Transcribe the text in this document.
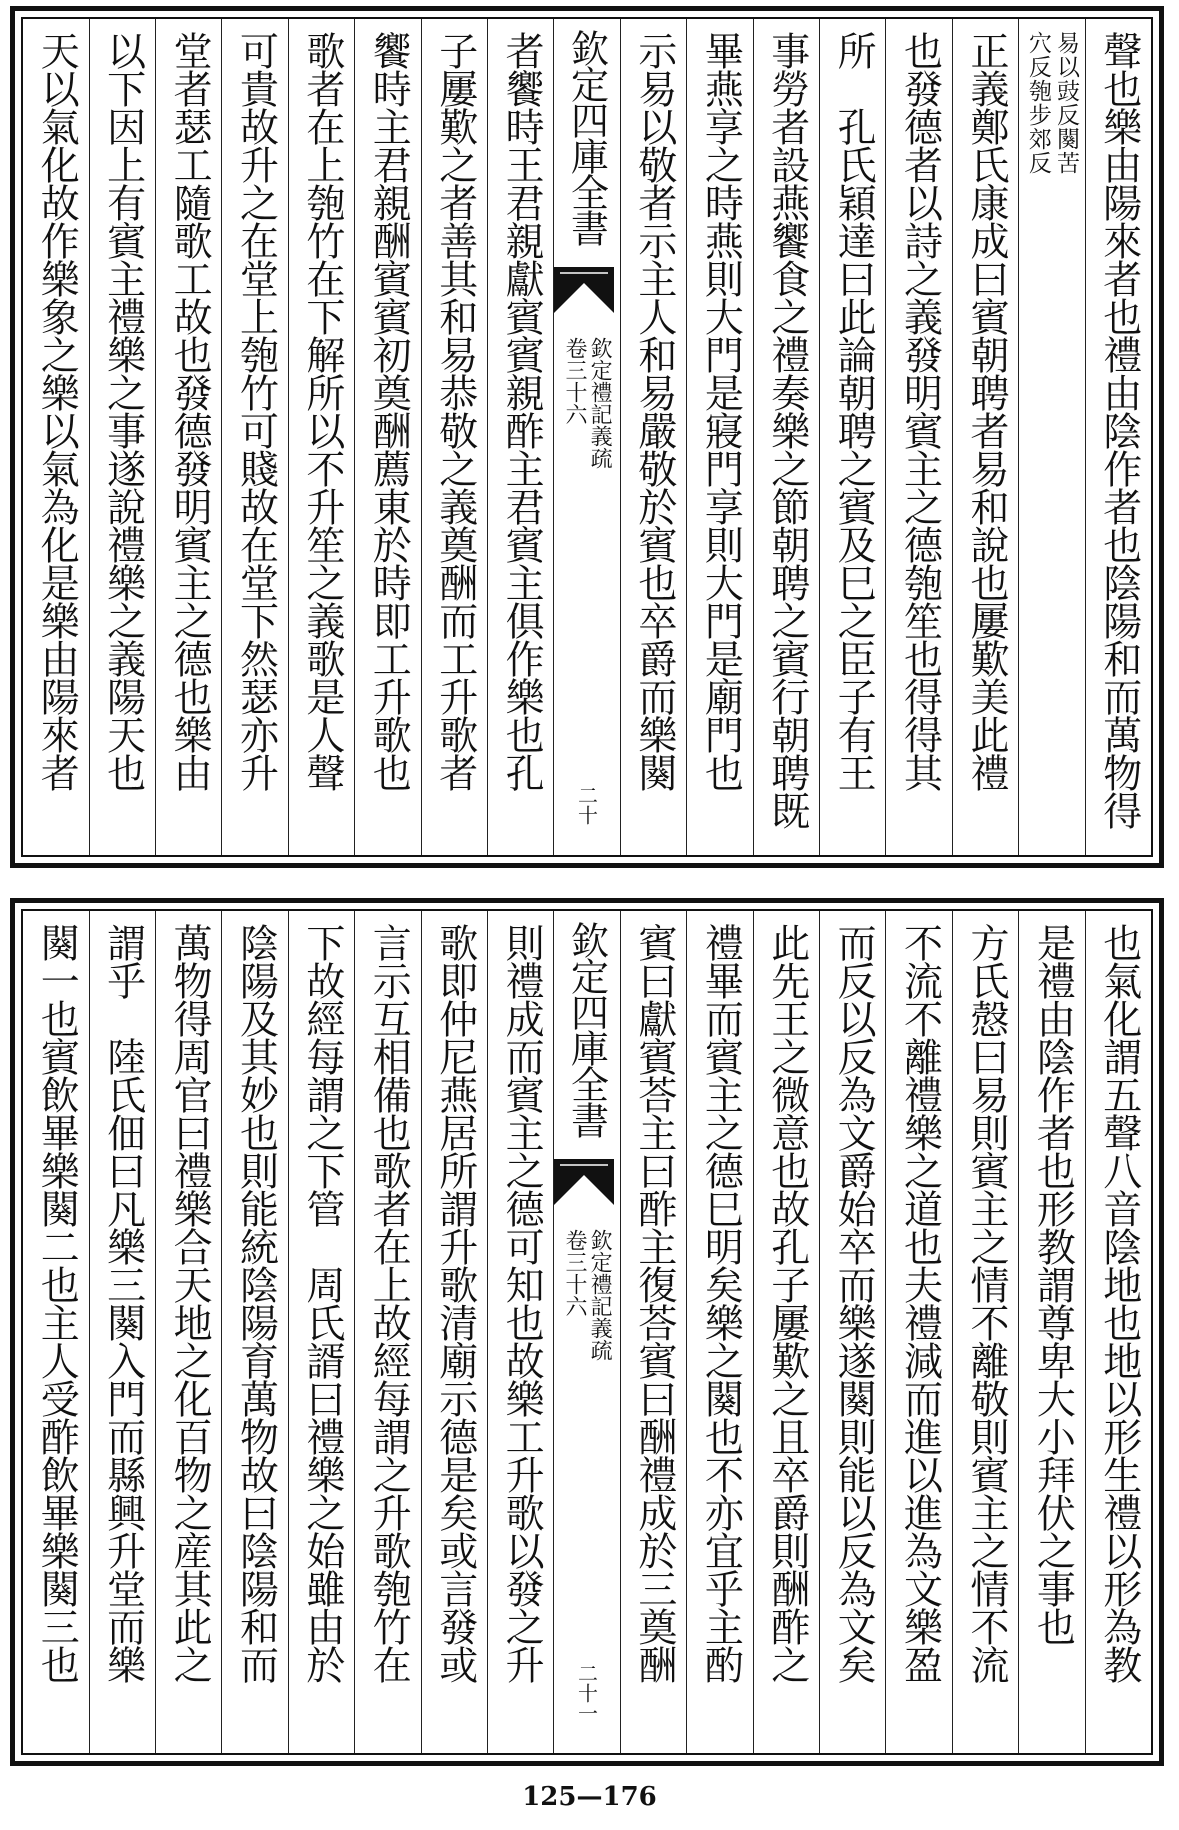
聲也樂由陽來者也禮由陰作者也陰陽和而萬物得
易以豉反闋苦
穴反匏步郊反
正義鄭氏康成曰賓朝聘者易和說也屢歎美此禮
也發德者以詩之義發明賓主之德匏笙也得得其
所　孔氏穎達曰此論朝聘之賓及巳之臣子有王
事勞者設燕饗食之禮奏樂之節朝聘之賓行朝聘既
畢燕享之時燕則大門是寢門享則大門是廟門也
示易以敬者示主人和易嚴敬於賓也卒爵而樂闋
欽定四庫全書
欽定禮記義疏
卷三十六
二十
者饗時王君親獻賓賓親酢主君賓主俱作樂也孔
子屢歎之者善其和易恭敬之義奠酬而工升歌者
饗時主君親酬賓賓初奠酬薦東於時即工升歌也
歌者在上匏竹在下解所以不升笙之義歌是人聲
可貴故升之在堂上匏竹可賤故在堂下然瑟亦升
堂者瑟工隨歌工故也發德發明賓主之德也樂由
以下因上有賓主禮樂之事遂說禮樂之義陽天也
天以氣化故作樂象之樂以氣為化是樂由陽來者
也氣化謂五聲八音陰地也地以形生禮以形為教
是禮由陰作者也形教謂尊卑大小拜伏之事也
方氏慤曰易則賓主之情不離敬則賓主之情不流
不流不離禮樂之道也夫禮減而進以進為文樂盈
而反以反為文爵始卒而樂遂闋則能以反為文矣
此先王之微意也故孔子屢歎之且卒爵則酬酢之
禮畢而賓主之德巳明矣樂之闋也不亦宜乎主酌
賓曰獻賓荅主曰酢主復荅賓曰酬禮成於三奠酬
欽定四庫全書
欽定禮記義疏
卷三十六
二十一
則禮成而賓主之德可知也故樂工升歌以發之升
歌即仲尼燕居所謂升歌清廟示德是矣或言發或
言示互相備也歌者在上故經每謂之升歌匏竹在
下故經每謂之下管　周氏諝曰禮樂之始雖由於
陰陽及其妙也則能統陰陽育萬物故曰陰陽和而
萬物得周官曰禮樂合天地之化百物之産其此之
謂乎　陸氏佃曰凡樂三闋入門而縣興升堂而樂
闋一也賓飲畢樂闋二也主人受酢飲畢樂闋三也
125—176
